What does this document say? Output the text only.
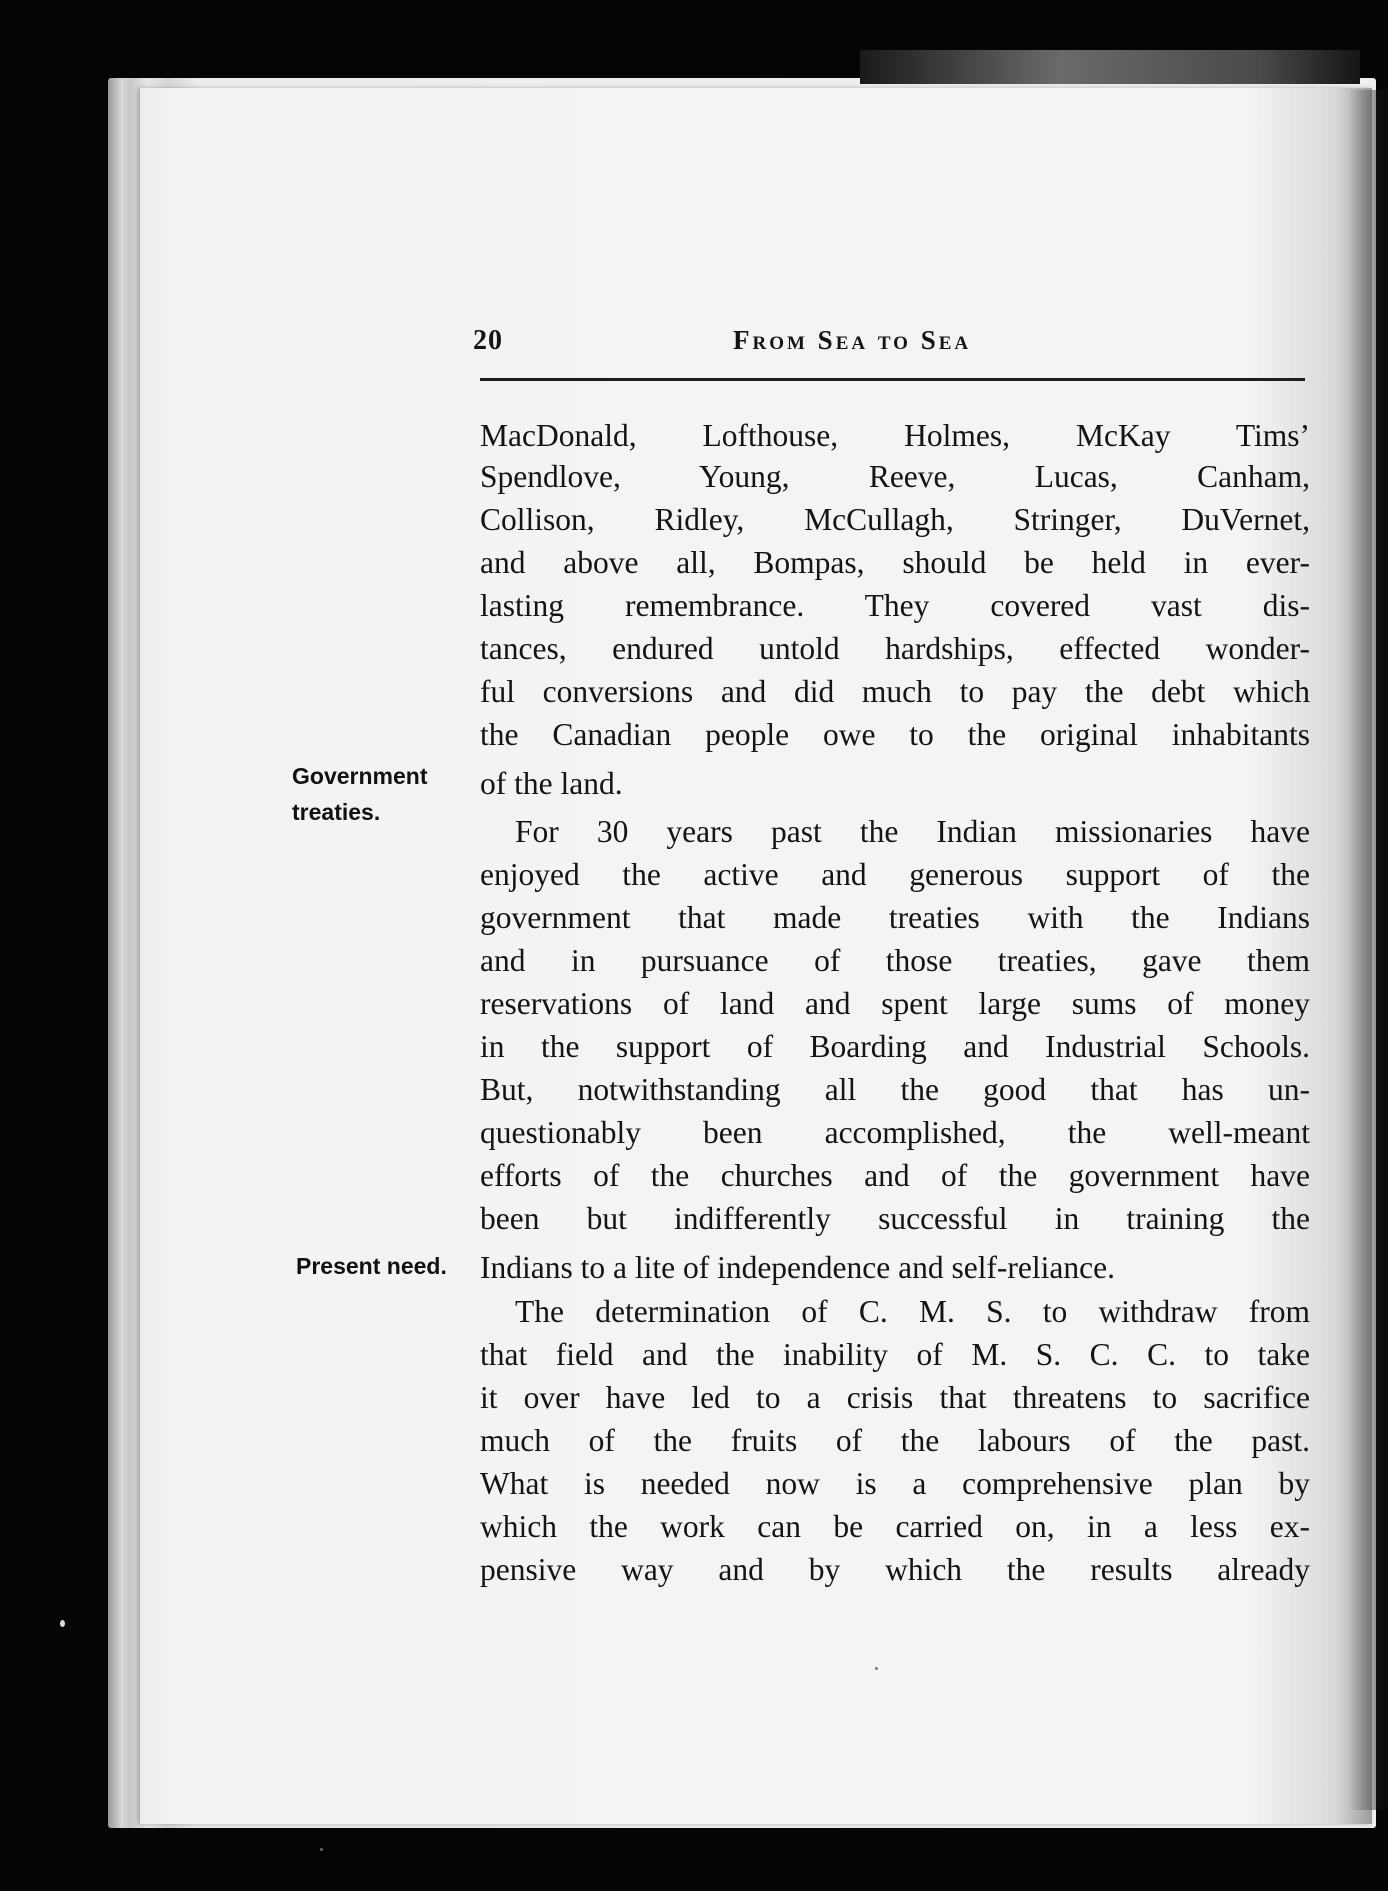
20	From Sea to Sea
Government
treaties.
Present need.
MacDonald, Lofthouse, Holmes, McKay Tims’
Spendlove, Young, Reeve, Lucas, Canham,
Collison, Ridley, McCullagh, Stringer, DuVernet,
and above all, Bompas, should be held in ever-
lasting remembrance. They covered vast dis-
tances, endured untold hardships, effected wonder-
ful conversions and did much to pay the debt which
the Canadian people owe to the original inhabitants
of the land.
For 30 years past the Indian missionaries have
enjoyed the active and generous support of the
government that made treaties with the Indians
and in pursuance of those treaties, gave them
reservations of land and spent large sums of money
in the support of Boarding and Industrial Schools.
But, notwithstanding all the good that has un-
questionably been accomplished, the well-meant
efforts of the churches and of the government have
been but indifferently successful in training the
Indians to a lite of independence and self-reliance.
The determination of C. M. S. to withdraw from
that field and the inability of M. S. C. C. to take
it over have led to a crisis that threatens to sacrifice
much of the fruits of the labours of the past.
What is needed now is a comprehensive plan by
which the work can be carried on, in a less ex-
pensive way and by which the results already
